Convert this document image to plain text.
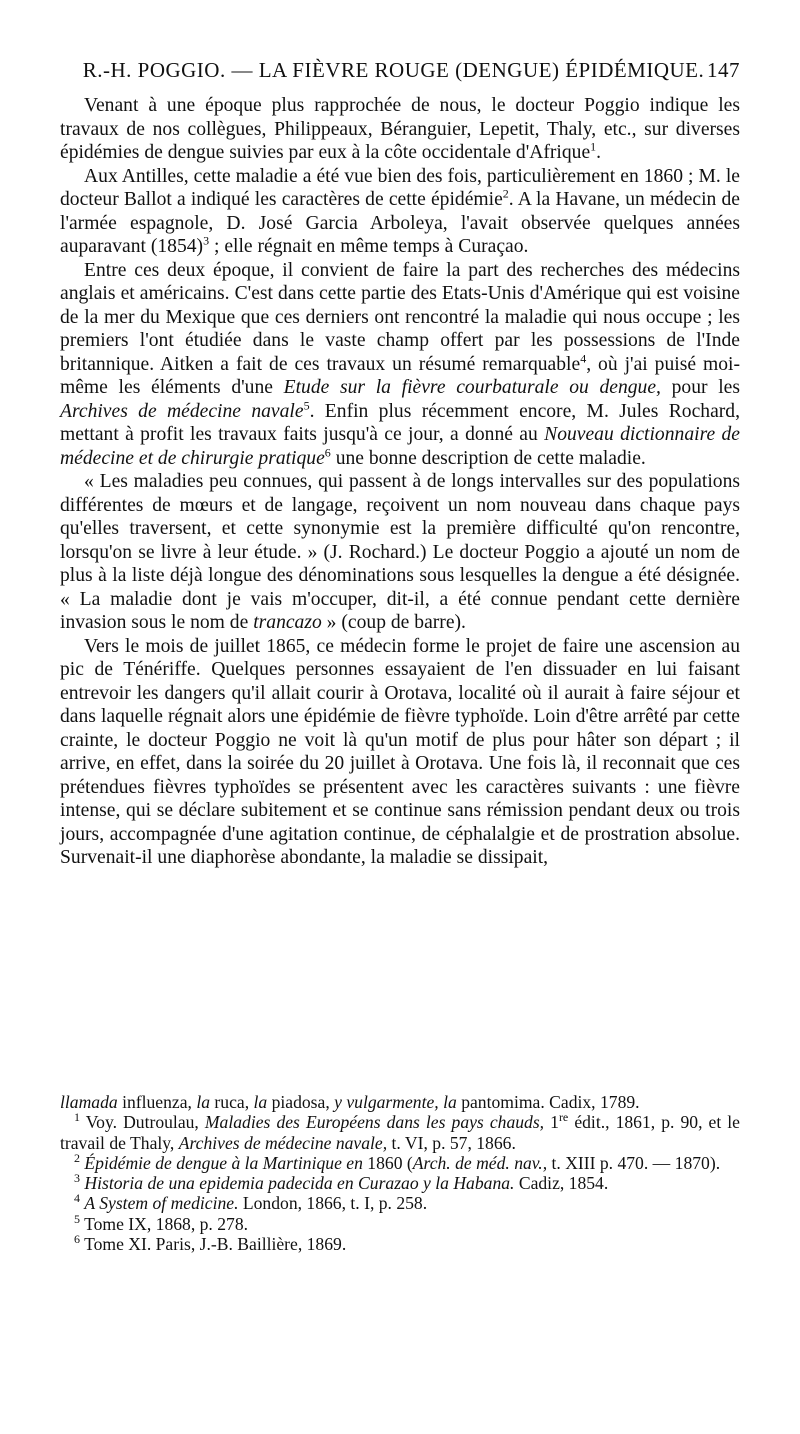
R.-H. POGGIO. — LA FIÈVRE ROUGE (DENGUE) ÉPIDÉMIQUE. 147

Venant à une époque plus rapprochée de nous, le docteur Poggio indique les travaux de nos collègues, Philippeaux, Béranguier, Lepetit, Thaly, etc., sur diverses épidémies de dengue suivies par eux à la côte occidentale d'Afrique$^1$.

Aux Antilles, cette maladie a été vue bien des fois, particulièrement en 1860 ; M. le docteur Ballot a indiqué les caractères de cette épidémie$^2$. A la Havane, un médecin de l'armée espagnole, D. José Garcia Arboleya, l'avait observée quelques années auparavant $(1854)^3$ ; elle régnait en même temps à Curaçao.

Entre ces deux époque, il convient de faire la part des recherches des médecins anglais et américains. C'est dans cette partie des Etats-Unis d'Amérique qui est voisine de la mer du Mexique que ces derniers ont rencontré la maladie qui nous occupe ; les premiers l'ont étudiée dans le vaste champ offert par les possessions de l'Inde britannique. Aitken a fait de ces travaux un résumé remarquable$^4$, où j'ai puisé moi-même les éléments d'une Etude sur la fièvre courbaturale ou dengue, pour les Archives de médecine navale$^5$. Enfin plus récemment encore, M. Jules Rochard, mettant à profit les travaux faits jusqu'à ce jour, a donné au Nouveau dictionnaire de médecine et de chirurgie pratique$^6$ une bonne description de cette maladie.

« Les maladies peu connues, qui passent à de longs intervalles sur des populations différentes de mœurs et de langage, reçoivent un nom nouveau dans chaque pays qu'elles traversent, et cette synonymie est la première difficulté qu'on rencontre, lorsqu'on se livre à leur étude. » (J. Rochard.) Le docteur Poggio a ajouté un nom de plus à la liste déjà longue des dénominations sous lesquelles la dengue a été désignée. « La maladie dont je vais m'occuper, dit-il, a été connue pendant cette dernière invasion sous le nom de trancazo » (coup de barre).

Vers le mois de juillet 1865, ce médecin forme le projet de faire une ascension au pic de Ténériffe. Quelques personnes essayaient de l'en dissuader en lui faisant entrevoir les dangers qu'il allait courir à Orotava, localité où il aurait à faire séjour et dans laquelle régnait alors une épidémie de fièvre typhoïde. Loin d'être arrêté par cette crainte, le docteur Poggio ne voit là qu'un motif de plus pour hâter son départ ; il arrive, en effet, dans la soirée du 20 juillet à Orotava. Une fois là, il reconnait que ces prétendues fièvres typhoïdes se présentent avec les caractères suivants : une fièvre intense, qui se déclare subitement et se continue sans rémission pendant deux ou trois jours, accompagnée d'une agitation continue, de céphalalgie et de prostration absolue. Survenait-il une diaphorèse abondante, la maladie se dissipait,

llamada influenza, la ruca, la piadosa, y vulgarmente, la pantomima. Cadix, 1789.

$^1$ Voy. Dutroulau, Maladies des Européens dans les pays chauds, 1re édit., 1861, p. 90, et le travail de Thaly, Archives de médecine navale, t. VI, p. 57, 1866.

$^2$ Épidémie de dengue à la Martinique en 1860 (Arch. de méd. nav., t. XIII p. 470. — 1870).

$^3$ Historia de una epidemia padecida en Curazao y la Habana. Cadiz, 1854.

$^4$ A System of medicine. London, 1866, t. I, p. 258.

$^5$ Tome IX, 1868, p. 278.

$^6$ Tome XI. Paris, J.-B. Baillière, 1869.
